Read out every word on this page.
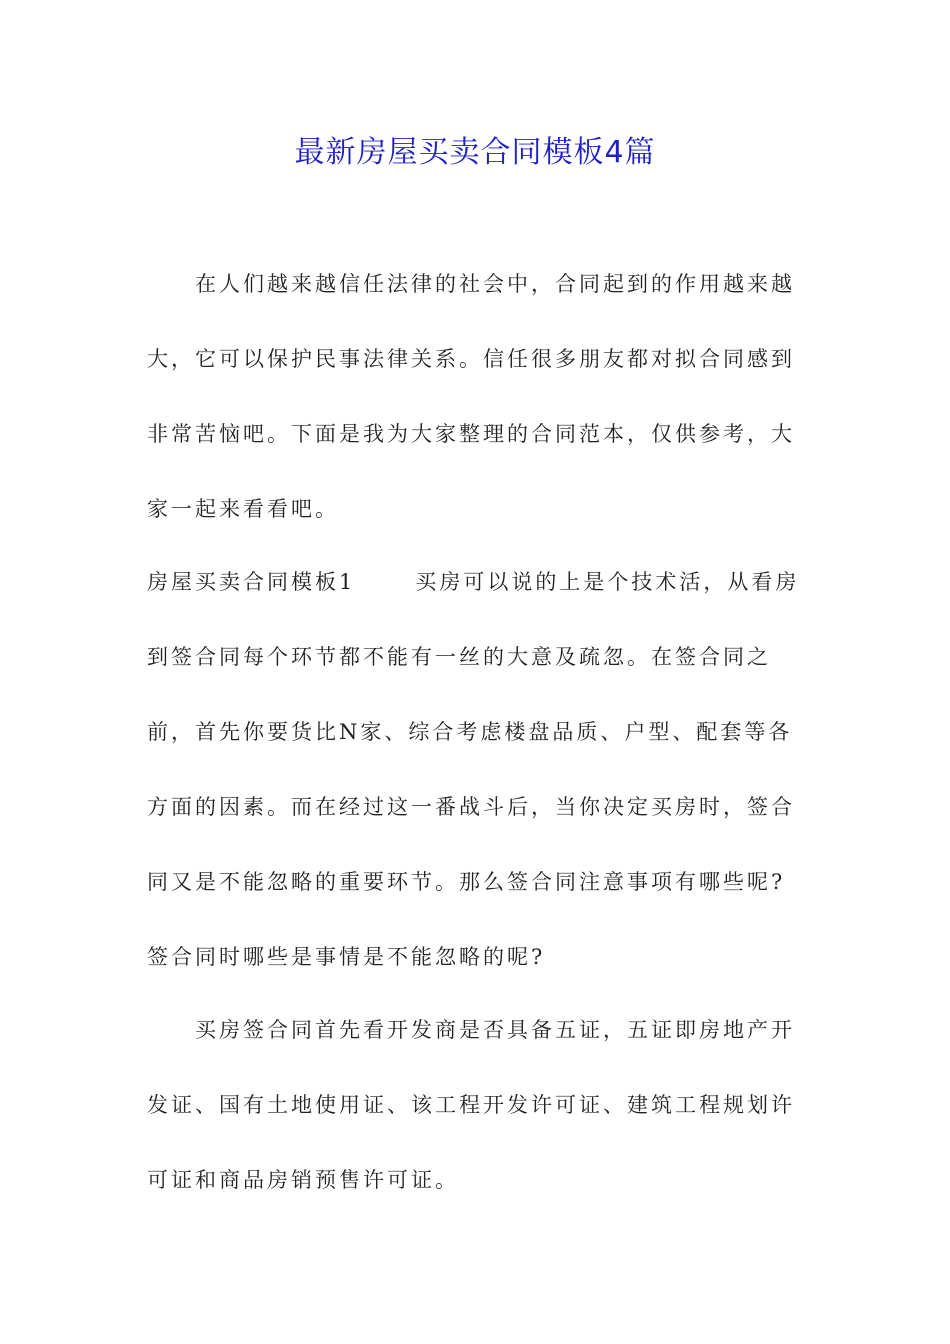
最新房屋买卖合同模板4篇

在人们越来越信任法律的社会中，合同起到的作用越来越大，它可以保护民事法律关系。信任很多朋友都对拟合同感到非常苦恼吧。下面是我为大家整理的合同范本，仅供参考，大家一起来看看吧。

房屋买卖合同模板1	买房可以说的上是个技术活，从看房到签合同每个环节都不能有一丝的大意及疏忽。在签合同之前，首先你要货比N家、综合考虑楼盘品质、户型、配套等各方面的因素。而在经过这一番战斗后，当你决定买房时，签合同又是不能忽略的重要环节。那么签合同注意事项有哪些呢?签合同时哪些是事情是不能忽略的呢?

买房签合同首先看开发商是否具备五证，五证即房地产开发证、国有土地使用证、该工程开发许可证、建筑工程规划许可证和商品房销预售许可证。
